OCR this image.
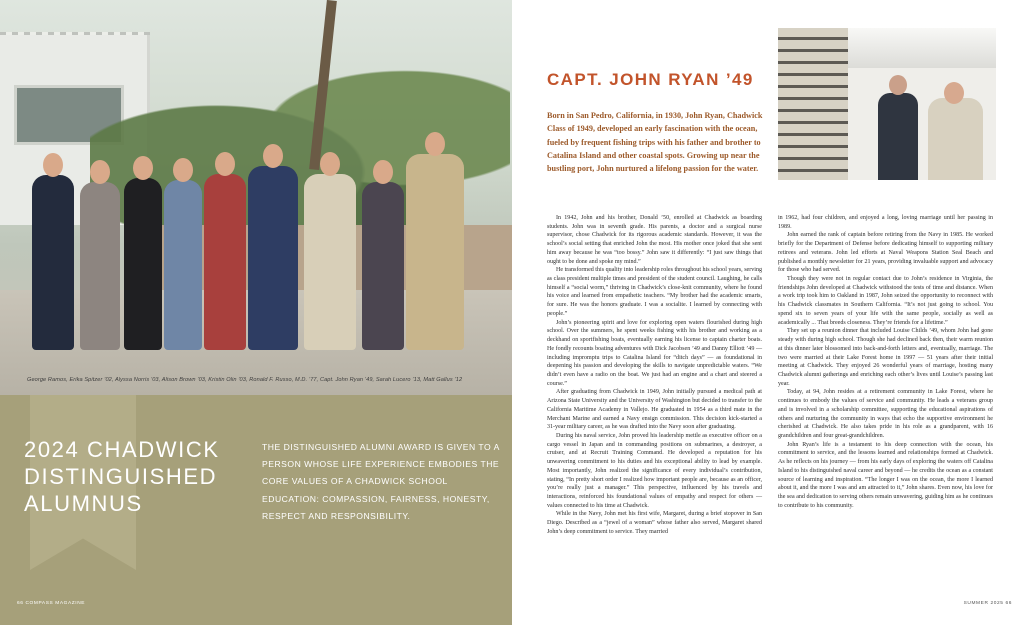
George Ramos, Erika Spitzer ’02, Alyssa Norris ’03, Alison Brown ’03, Kristin Olin ’03, Ronald F. Russo, M.D. ’77, Capt. John Ryan ’49, Sarah Lucero ’13, Matt Gallus ’12
2024 CHADWICK
DISTINGUISHED
ALUMNUS
THE DISTINGUISHED ALUMNI AWARD IS GIVEN TO A PERSON WHOSE LIFE EXPERIENCE EMBODIES THE CORE VALUES OF A CHADWICK SCHOOL EDUCATION: COMPASSION, FAIRNESS, HONESTY, RESPECT AND RESPONSIBILITY.
66 COMPASS MAGAZINE
CAPT. JOHN RYAN ’49

Born in San Pedro, California, in 1930, John Ryan, Chadwick Class of 1949, developed an early fascination with the ocean, fueled by frequent fishing trips with his father and brother to Catalina Island and other coastal spots. Growing up near the bustling port, John nurtured a lifelong passion for the water.

In 1942, John and his brother, Donald ’50, enrolled at Chadwick as boarding students. John was in seventh grade. His parents, a doctor and a surgical nurse supervisor, chose Chadwick for its rigorous academic standards. However, it was the school’s social setting that enriched John the most. His mother once joked that she sent him away because he was “too bossy.” John saw it differently: “I just saw things that ought to be done and spoke my mind.”

He transformed this quality into leadership roles throughout his school years, serving as class president multiple times and president of the student council. Laughing, he calls himself a “social worm,” thriving in Chadwick’s close-knit community, where he found his voice and learned from empathetic teachers. “My brother had the academic smarts, for sure. He was the honors graduate. I was a socialite. I learned by connecting with people.”

John’s pioneering spirit and love for exploring open waters flourished during high school. Over the summers, he spent weeks fishing with his brother and working as a deckhand on sportfishing boats, eventually earning his license to captain charter boats. He fondly recounts boating adventures with Dick Jacobsen ’49 and Danny Elliott ’49 — including impromptu trips to Catalina Island for “ditch days” — as foundational in deepening his passion and developing the skills to navigate unpredictable waters. “We didn’t even have a radio on the boat. We just had an engine and a chart and steered a course.”

After graduating from Chadwick in 1949, John initially pursued a medical path at Arizona State University and the University of Washington but decided to transfer to the California Maritime Academy in Vallejo. He graduated in 1954 as a third mate in the Merchant Marine and earned a Navy ensign commission. This decision kick-started a 31-year military career, as he was drafted into the Navy soon after graduating.

During his naval service, John proved his leadership mettle as executive officer on a cargo vessel in Japan and in commanding positions on submarines, a destroyer, a cruiser, and at Recruit Training Command. He developed a reputation for his unwavering commitment to his duties and his exceptional ability to lead by example. Most importantly, John realized the significance of every individual’s contribution, stating, “In pretty short order I realized how important people are, because as an officer, you’re really just a manager.” This perspective, influenced by his travels and interactions, reinforced his foundational values of empathy and respect for others — values connected to his time at Chadwick.

While in the Navy, John met his first wife, Margaret, during a brief stopover in San Diego. Described as a “jewel of a woman” whose father also served, Margaret shared John’s deep commitment to service. They married

in 1962, had four children, and enjoyed a long, loving marriage until her passing in 1989.

John earned the rank of captain before retiring from the Navy in 1985. He worked briefly for the Department of Defense before dedicating himself to supporting military retirees and veterans. John led efforts at Naval Weapons Station Seal Beach and published a monthly newsletter for 21 years, providing invaluable support and advocacy for those who had served.

Though they were not in regular contact due to John’s residence in Virginia, the friendships John developed at Chadwick withstood the tests of time and distance. When a work trip took him to Oakland in 1987, John seized the opportunity to reconnect with his Chadwick classmates in Southern California. “It’s not just going to school. You spend six to seven years of your life with the same people, socially as well as academically ... That breeds closeness. They’re friends for a lifetime.”

They set up a reunion dinner that included Louise Childs ’49, whom John had gone steady with during high school. Though she had declined back then, their warm reunion at this dinner later blossomed into back-and-forth letters and, eventually, marriage. The two were married at their Lake Forest home in 1997 — 51 years after their initial meeting at Chadwick. They enjoyed 26 wonderful years of marriage, hosting many Chadwick alumni gatherings and enriching each other’s lives until Louise’s passing last year.

Today, at 94, John resides at a retirement community in Lake Forest, where he continues to embody the values of service and community. He leads a veterans group and is involved in a scholarship committee, supporting the educational aspirations of others and nurturing the community in ways that echo the supportive environment he cherished at Chadwick. He also takes pride in his role as a grandparent, with 16 grandchildren and four great-grandchildren.

John Ryan’s life is a testament to his deep connection with the ocean, his commitment to service, and the lessons learned and relationships formed at Chadwick. As he reflects on his journey — from his early days of exploring the waters off Catalina Island to his distinguished naval career and beyond — he credits the ocean as a constant source of learning and inspiration. “The longer I was on the ocean, the more I learned about it, and the more I was and am attracted to it,” John shares. Even now, his love for the sea and dedication to serving others remain unwavering, guiding him as he continues to contribute to his community.

SUMMER 2025 66
